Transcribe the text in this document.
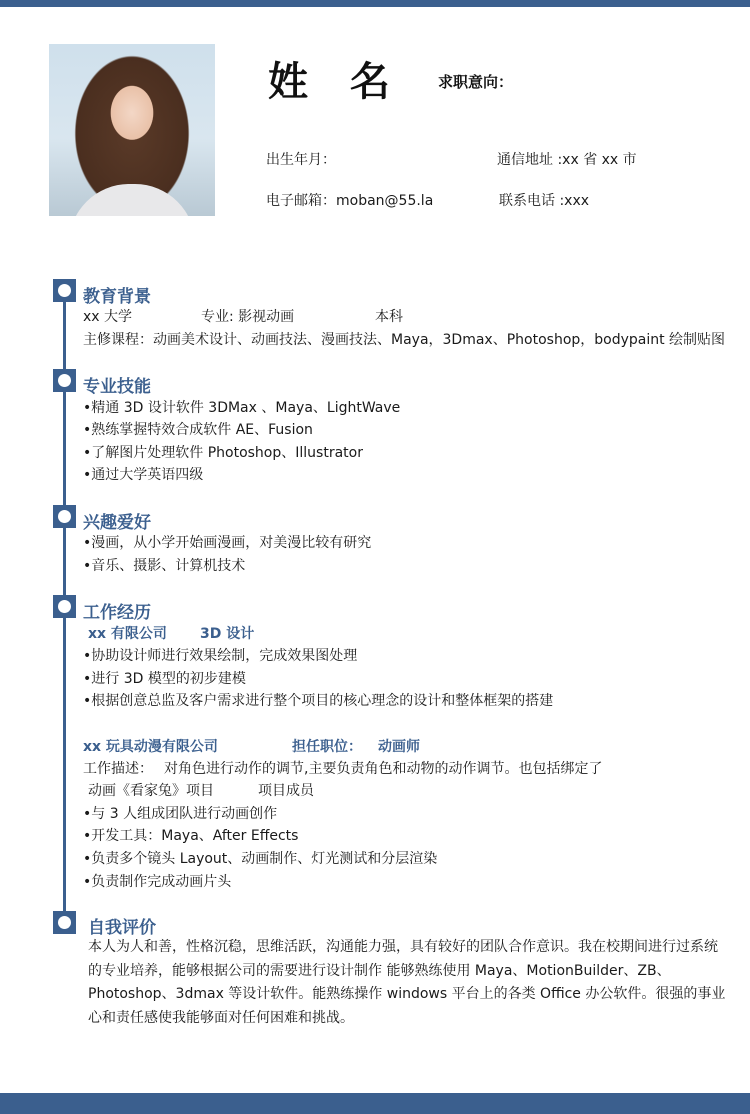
姓 名 求职意向：
出生年月：	通信地址 :xx 省 xx 市
电子邮箱：moban@55.la	联系电话 :xxx
教育背景
xx 大学	专业: 影视动画	本科
主修课程：动画美术设计、动画技法、漫画技法、Maya，3Dmax、Photoshop，bodypaint 绘制贴图
专业技能
•精通 3D 设计软件 3DMax 、Maya、LightWave
•熟练掌握特效合成软件 AE、Fusion
•了解图片处理软件 Photoshop、Illustrator
•通过大学英语四级
兴趣爱好
•漫画，从小学开始画漫画，对美漫比较有研究
•音乐、摄影、计算机技术
工作经历
xx 有限公司 3D 设计
•协助设计师进行效果绘制，完成效果图处理
•进行 3D 模型的初步建模
•根据创意总监及客户需求进行整个项目的核心理念的设计和整体框架的搭建
xx 玩具动漫有限公司	担任职位： 动画师
工作描述： 对角色进行动作的调节,主要负责角色和动物的动作调节。也包括绑定了
动画《看家兔》项目	项目成员
•与 3 人组成团队进行动画创作
•开发工具：Maya、After Effects
•负责多个镜头 Layout、动画制作、灯光测试和分层渲染
•负责制作完成动画片头
自我评价
本人为人和善，性格沉稳，思维活跃，沟通能力强，具有较好的团队合作意识。我在校期间进行过系统的专业培养，能够根据公司的需要进行设计制作 能够熟练使用 Maya、MotionBuilder、ZB、Photoshop、3dmax 等设计软件。能熟练操作 windows 平台上的各类 Office 办公软件。很强的事业心和责任感使我能够面对任何困难和挑战。
